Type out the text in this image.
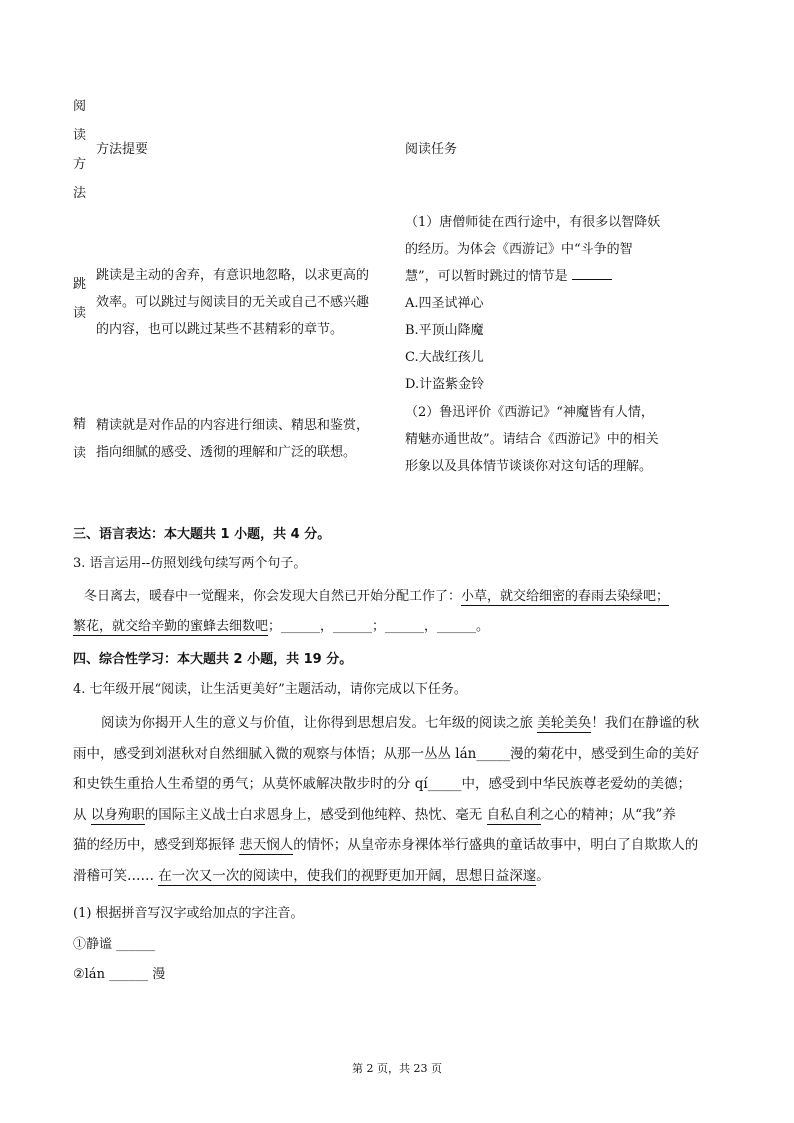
阅
读
方
法

方法提要	阅读任务

跳
读
跳读是主动的舍弃，有意识地忽略，以求更高的
效率。可以跳过与阅读目的无关或自己不感兴趣
的内容，也可以跳过某些不甚精彩的章节。
（1）唐僧师徒在西行途中，有很多以智降妖
的经历。为体会《西游记》中“斗争的智
慧”，可以暂时跳过的情节是
A.四圣试禅心
B.平顶山降魔
C.大战红孩儿
D.计盗紫金铃
精
读
精读就是对作品的内容进行细读、精思和鉴赏，
指向细腻的感受、透彻的理解和广泛的联想。
（2）鲁迅评价《西游记》“神魔皆有人情，
精魅亦通世故”。请结合《西游记》中的相关
形象以及具体情节谈谈你对这句话的理解。

三、语言表达：本大题共 1 小题，共 4 分。

3. 语言运用--仿照划线句续写两个句子。

冬日离去，暖春中一觉醒来，你会发现大自然已开始分配工作了：小草，就交给细密的春雨去染绿吧；

繁花，就交给辛勤的蜜蜂去细数吧；______，______；______，______。

四、综合性学习：本大题共 2 小题，共 19 分。

4. 七年级开展“阅读，让生活更美好”主题活动，请你完成以下任务。

阅读为你揭开人生的意义与价值，让你得到思想启发。七年级的阅读之旅 美轮美奂！我们在静谧的秋
雨中，感受到刘湛秋对自然细腻入微的观察与体悟；从那一丛丛 lán_____漫的菊花中，感受到生命的美好
和史铁生重拾人生希望的勇气；从莫怀戚解决散步时的分 qí_____中，感受到中华民族尊老爱幼的美德；
从 以身殉职的国际主义战士白求恩身上，感受到他纯粹、热忱、毫无 自私自利之心的精神；从“我”养
猫的经历中，感受到郑振铎 悲天悯人的情怀；从皇帝赤身裸体举行盛典的童话故事中，明白了自欺欺人的
滑稽可笑…… 在一次又一次的阅读中，使我们的视野更加开阔，思想日益深邃。

(1) 根据拼音写汉字或给加点的字注音。

①静谧 ______

②lán ______ 漫

第 2 页，共 23 页
